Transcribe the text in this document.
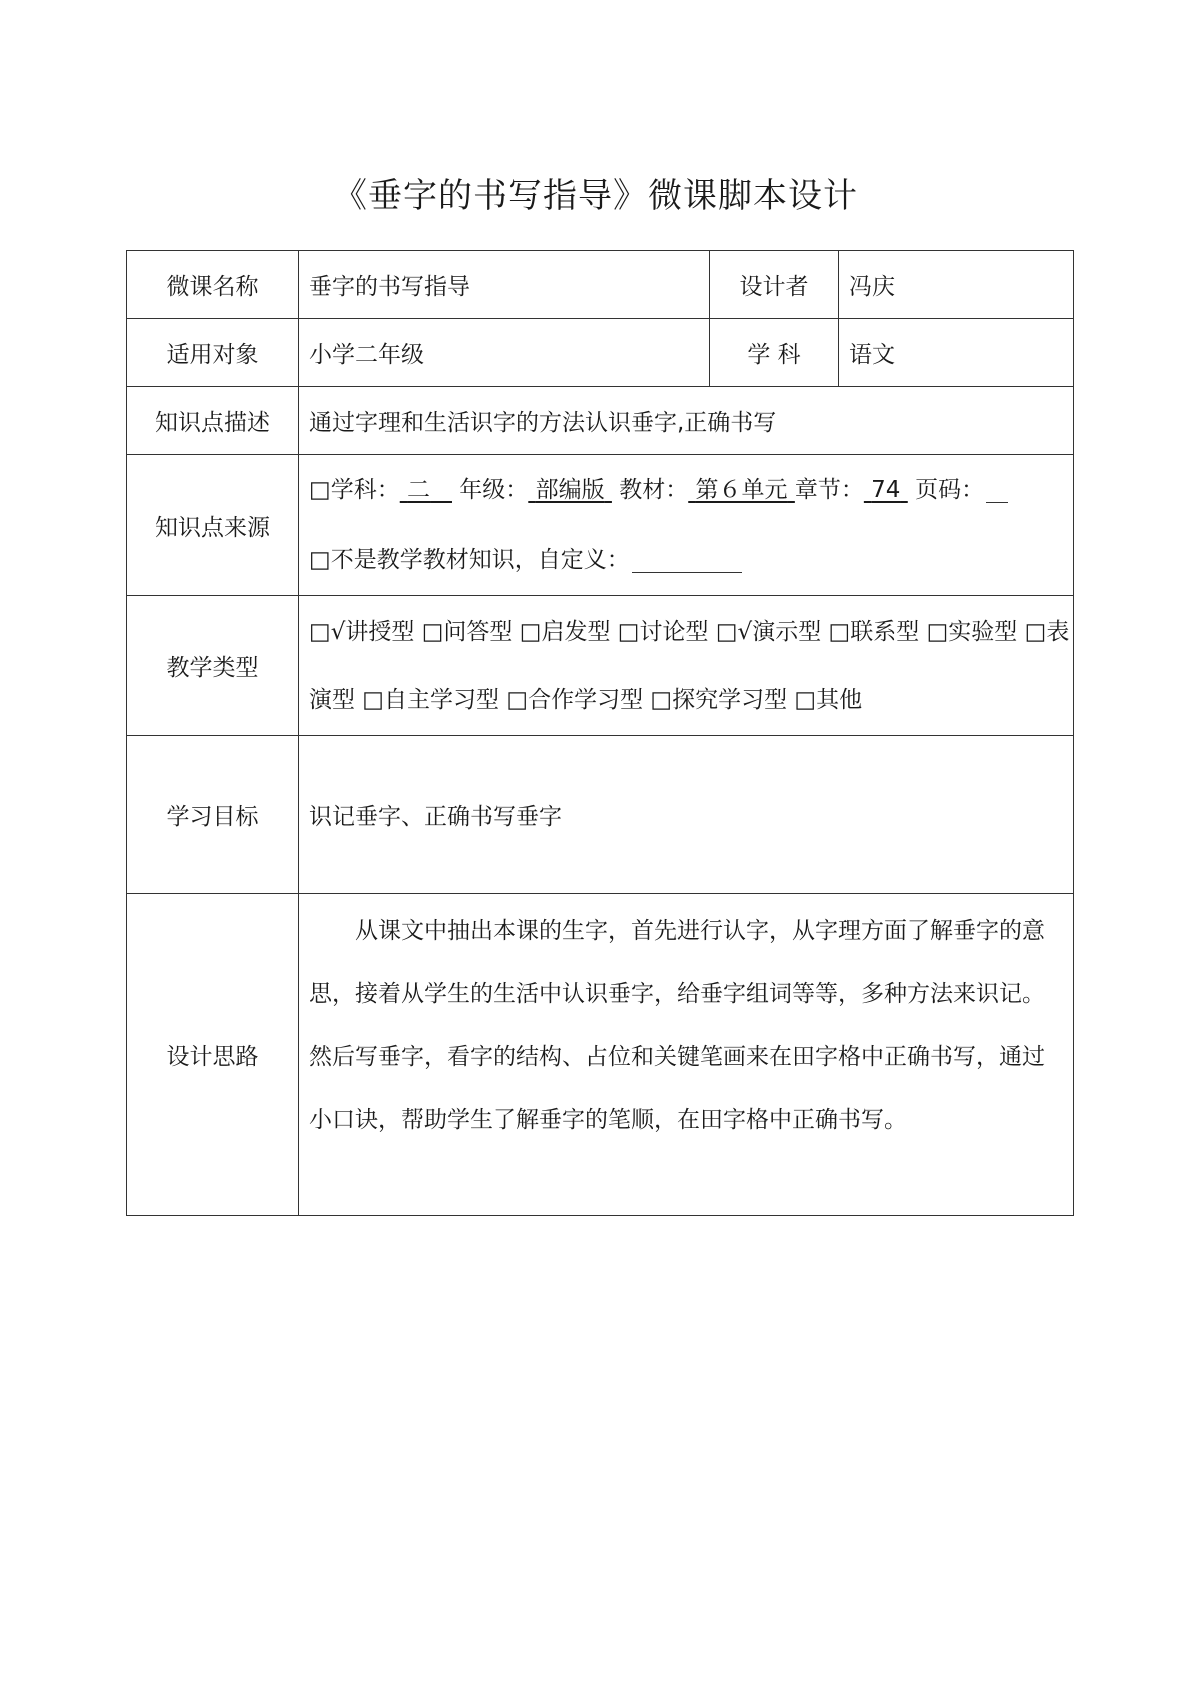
《垂字的书写指导》微课脚本设计
微课名称	垂字的书写指导	设计者	冯庆
适用对象	小学二年级	学 科	语文
知识点描述	通过字理和生活识字的方法认识垂字,正确书写		
知识点来源	□学科： 二 年级： 部编版 教材： 第６单元 章节： 74 页码：
□不是教学教材知识，自定义：		

教学类型	□√讲授型 □问答型 □启发型 □讨论型 □√演示型 □联系型 □实验型 □表
演型 □自主学习型 □合作学习型 □探究学习型 □其他		

学习目标	识记垂字、正确书写垂字		
设计思路	从课文中抽出本课的生字，首先进行认字，从字理方面了解垂字的意思，接着从学生的生活中认识垂字，给垂字组词等等，多种方法来识记。然后写垂字，看字的结构、占位和关键笔画来在田字格中正确书写，通过小口诀，帮助学生了解垂字的笔顺，在田字格中正确书写。		
